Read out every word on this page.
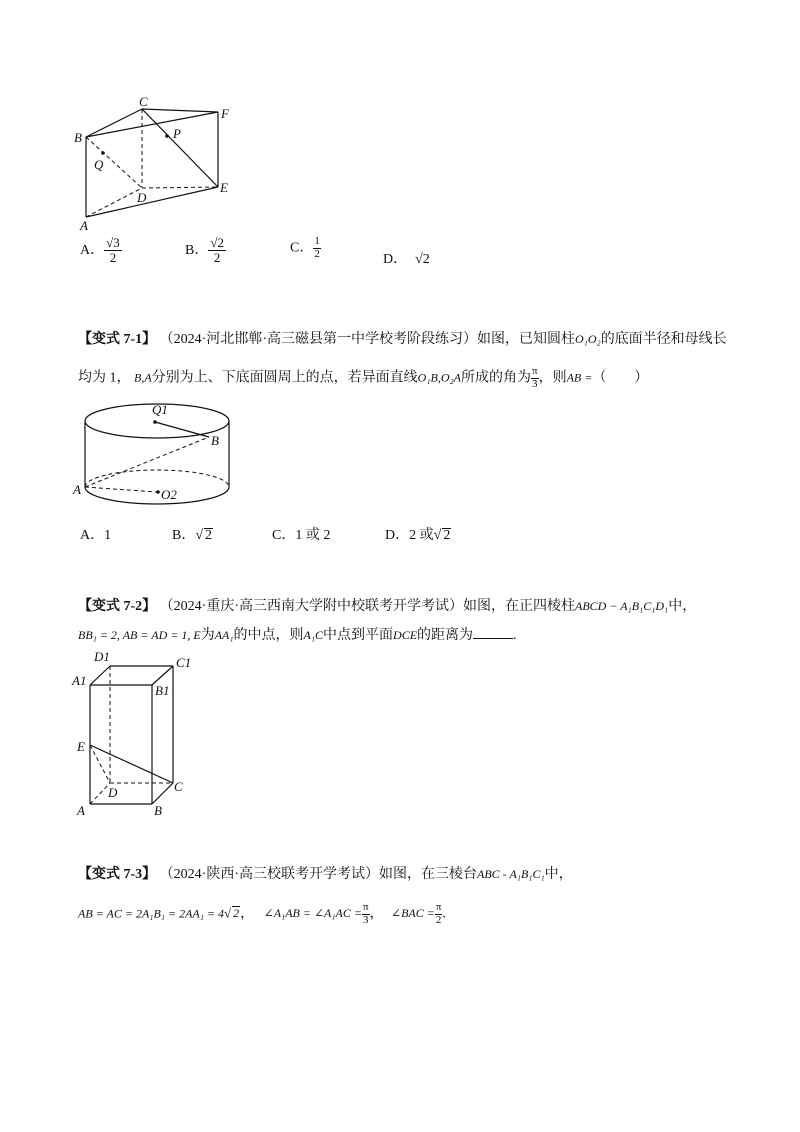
C
F
B	P
Q
D
E
A
A． $\frac{√3}{2}$	B． $\frac{√2}{2}$	C． $\frac{1}{2}$	D． √2
【变式 7-1】 （2024·河北邯郸·高三磁县第一中学校考阶段练习）如图，已知圆柱O₁O₂的底面半径和母线长
均为 1， B,A分别为上、下底面圆周上的点，若异面直线O₁B,O₂A所成的角为 $\frac{\pi}{3}$ ，则AB =（　　）
Q1
B
A	O2
A．1	B．√ 2	C．1 或 2	D．2 或√ 2
【变式 7-2】 （2024·重庆·高三西南大学附中校联考开学考试）如图，在正四棱柱ABCD − A₁B₁C₁D₁中，
BB₁ = 2, AB = AD = 1, E为AA₁的中点，则A₁C中点到平面DCE的距离为	.
D1	C1
A1
B1
E
C
D
A	B
【变式 7-3】 （2024·陕西·高三校联考开学考试）如图，在三棱台ABC - A₁B₁C₁中，
AB = AC = 2A₁B₁ = 2AA₁ = 4√ 2， ∠A₁AB = ∠A₁AC = $\frac{\pi}{3}$ ， ∠BAC = $\frac{\pi}{2}$ .
